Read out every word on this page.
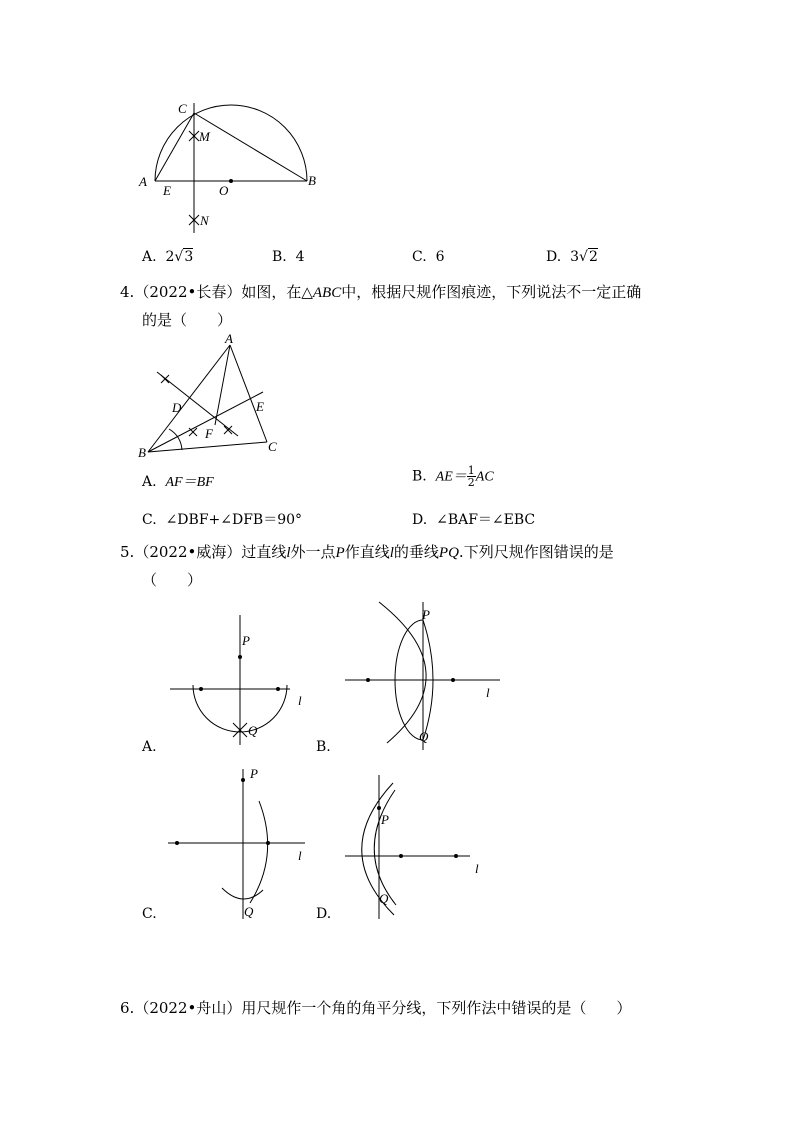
C
M
A
E	O
B
N
A. 2√3	B. 4	C. 6	D. 3√2
4.（2022•长春）如图，在△ABC中，根据尺规作图痕迹，下列说法不一定正确
的是（　　）
A
D	E
F
B	C
A. AF＝BF	B. $AE= \frac{1}{2}$ AC
C. ∠DBF+∠DFB＝90°	D. ∠BAF＝∠EBC
5.（2022•威海）过直线l外一点P作直线l的垂线PQ.下列尺规作图错误的是
（　　）
P
l
Q
A.
P
l
Q
B.
P
l
Q
C.
P
l
Q
D.
6.（2022•舟山）用尺规作一个角的角平分线，下列作法中错误的是（　　）
